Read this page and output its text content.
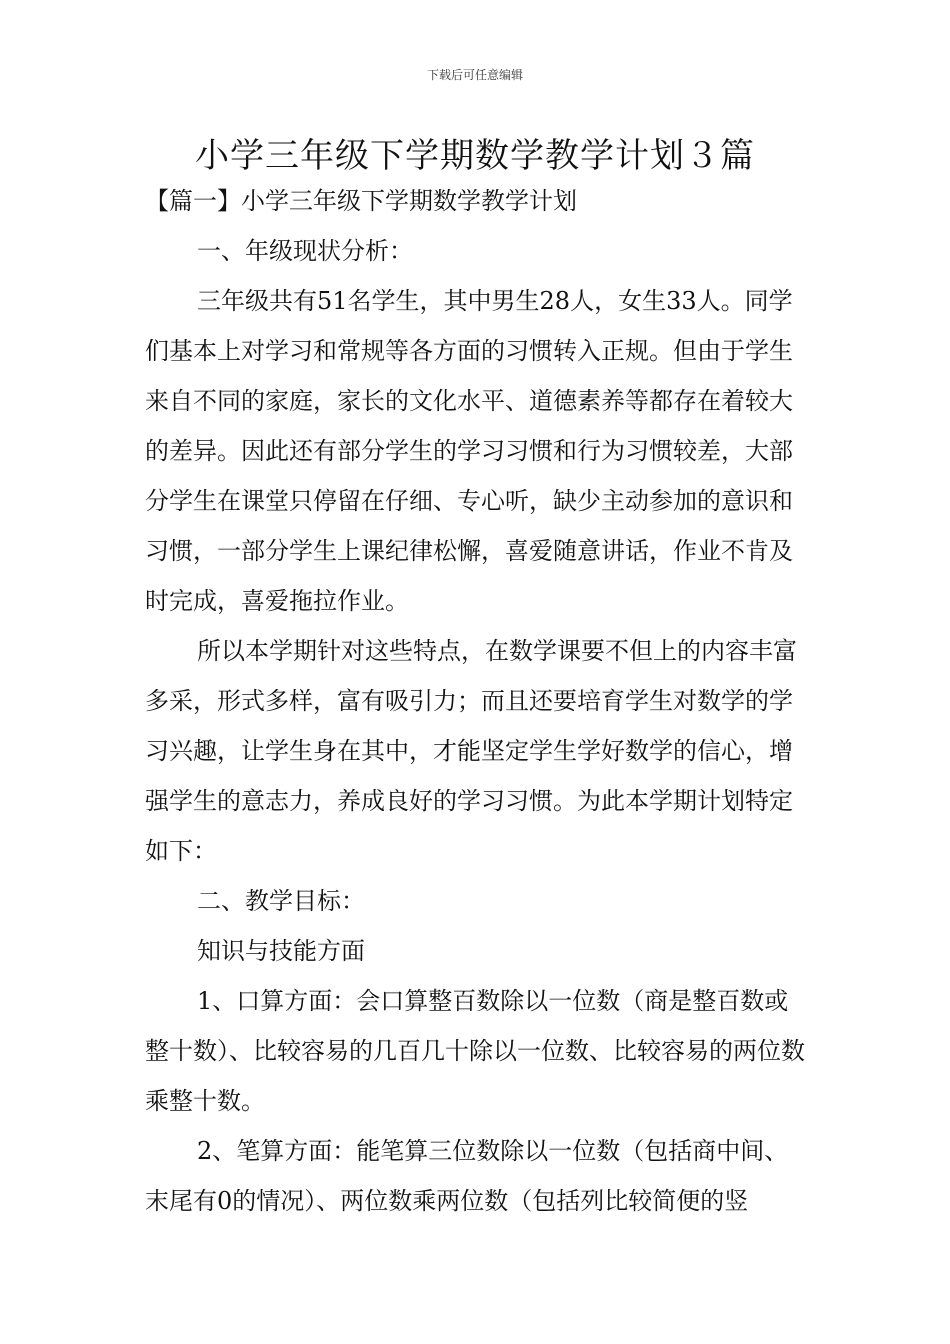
下载后可任意编辑
小学三年级下学期数学教学计划３篇

【篇一】小学三年级下学期数学教学计划

一、年级现状分析：

三年级共有51名学生，其中男生28人，女生33人。同学们基本上对学习和常规等各方面的习惯转入正规。但由于学生来自不同的家庭，家长的文化水平、道德素养等都存在着较大的差异。因此还有部分学生的学习习惯和行为习惯较差，大部分学生在课堂只停留在仔细、专心听，缺少主动参加的意识和习惯，一部分学生上课纪律松懈，喜爱随意讲话，作业不肯及时完成，喜爱拖拉作业。

所以本学期针对这些特点，在数学课要不但上的内容丰富多采，形式多样，富有吸引力；而且还要培育学生对数学的学习兴趣，让学生身在其中，才能坚定学生学好数学的信心，增强学生的意志力，养成良好的学习习惯。为此本学期计划特定如下：

二、教学目标：

知识与技能方面

1、口算方面：会口算整百数除以一位数（商是整百数或整十数）、比较容易的几百几十除以一位数、比较容易的两位数乘整十数。

2、笔算方面：能笔算三位数除以一位数（包括商中间、末尾有0的情况）、两位数乘两位数（包括列比较简便的竖
